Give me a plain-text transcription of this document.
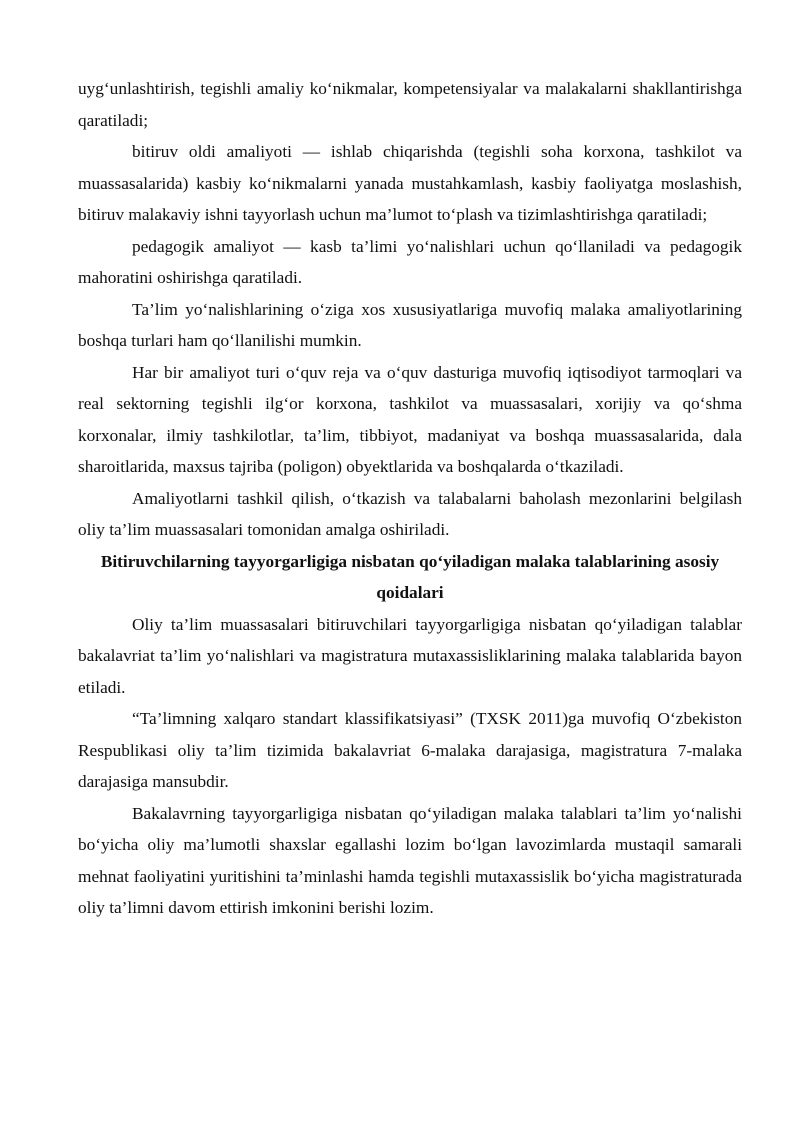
uyg‘unlashtirish, tegishli amaliy ko‘nikmalar, kompetensiyalar va malakalarni shakllantirishga qaratiladi;

bitiruv oldi amaliyoti — ishlab chiqarishda (tegishli soha korxona, tashkilot va muassasalarida) kasbiy ko‘nikmalarni yanada mustahkamlash, kasbiy faoliyatga moslashish, bitiruv malakaviy ishni tayyorlash uchun ma’lumot to‘plash va tizimlashtirishga qaratiladi;

pedagogik amaliyot — kasb ta’limi yo‘nalishlari uchun qo‘llaniladi va pedagogik mahoratini oshirishga qaratiladi.

Ta’lim yo‘nalishlarining o‘ziga xos xususiyatlariga muvofiq malaka amaliyotlarining boshqa turlari ham qo‘llanilishi mumkin.

Har bir amaliyot turi o‘quv reja va o‘quv dasturiga muvofiq iqtisodiyot tarmoqlari va real sektorning tegishli ilg‘or korxona, tashkilot va muassasalari, xorijiy va qo‘shma korxonalar, ilmiy tashkilotlar, ta’lim, tibbiyot, madaniyat va boshqa muassasalarida, dala sharoitlarida, maxsus tajriba (poligon) obyektlarida va boshqalarda o‘tkaziladi.

Amaliyotlarni tashkil qilish, o‘tkazish va talabalarni baholash mezonlarini belgilash oliy ta’lim muassasalari tomonidan amalga oshiriladi.

Bitiruvchilarning tayyorgarligiga nisbatan qo‘yiladigan malaka talablarining asosiy qoidalari

Oliy ta’lim muassasalari bitiruvchilari tayyorgarligiga nisbatan qo‘yiladigan talablar bakalavriat ta’lim yo‘nalishlari va magistratura mutaxassisliklarining malaka talablarida bayon etiladi.

“Ta’limning xalqaro standart klassifikatsiyasi” (TXSK 2011)ga muvofiq O‘zbekiston Respublikasi oliy ta’lim tizimida bakalavriat 6-malaka darajasiga, magistratura 7-malaka darajasiga mansubdir.

Bakalavrning tayyorgarligiga nisbatan qo‘yiladigan malaka talablari ta’lim yo‘nalishi bo‘yicha oliy ma’lumotli shaxslar egallashi lozim bo‘lgan lavozimlarda mustaqil samarali mehnat faoliyatini yuritishini ta’minlashi hamda tegishli mutaxassislik bo‘yicha magistraturada oliy ta’limni davom ettirish imkonini berishi lozim.
